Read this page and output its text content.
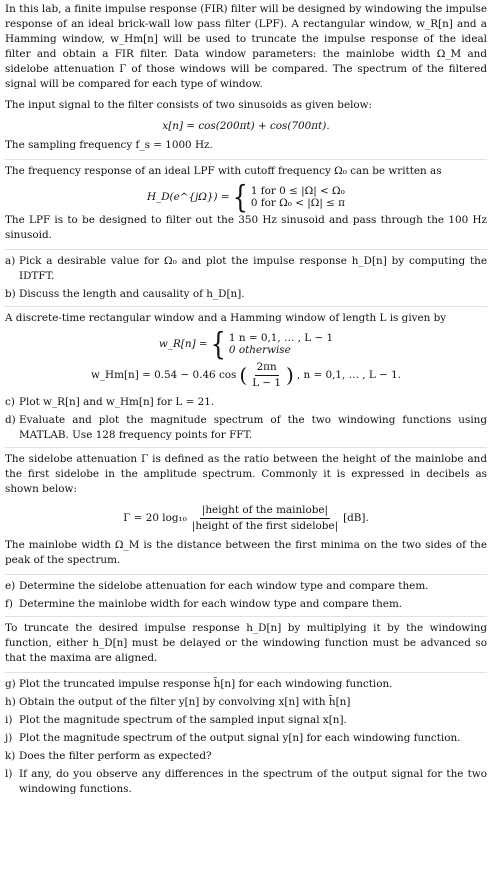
In this lab, a finite impulse response (FIR) filter will be designed by windowing the impulse response of an ideal brick-wall low pass filter (LPF). A rectangular window, w_R[n] and a Hamming window, w_Hm[n] will be used to truncate the impulse response of the ideal filter and obtain a FIR filter. Data window parameters: the mainlobe width Ω_M and sidelobe attenuation Γ of those windows will be compared. The spectrum of the filtered signal will be compared for each type of window.

The input signal to the filter consists of two sinusoids as given below:

x[n] = cos(200πt) + cos(700πt).

The sampling frequency f_s = 1000 Hz.

The frequency response of an ideal LPF with cutoff frequency Ω₀ can be written as

H_D(e^{jΩ}) = { 1 for 0 ≤ |Ω| < Ω₀
0 for Ω₀ < |Ω| ≤ π

The LPF is to be designed to filter out the 350 Hz sinusoid and pass through the 100 Hz sinusoid.

a) Pick a desirable value for Ω₀ and plot the impulse response h_D[n] by computing the IDTFT.
b) Discuss the length and causality of h_D[n].

A discrete-time rectangular window and a Hamming window of length L is given by

w_R[n] = { 1 n = 0,1, … , L − 1
0 otherwise
w_Hm[n] = 0.54 − 0.46 cos ( $\frac{2\pi n}{L - 1}$ ) , n = 0,1, … , L − 1.
c) Plot w_R[n] and w_Hm[n] for L = 21.
d) Evaluate and plot the magnitude spectrum of the two windowing functions using MATLAB. Use 128 frequency points for FFT.

The sidelobe attenuation Γ is defined as the ratio between the height of the mainlobe and the first sidelobe in the amplitude spectrum. Commonly it is expressed in decibels as shown below:

Γ = 20 $\log_{10} \frac{\text{|height of the mainlobe|}}{\text{|height of the first sidelobe|}} [dB]$.

The mainlobe width Ω_M is the distance between the first minima on the two sides of the peak of the spectrum.

e) Determine the sidelobe attenuation for each window type and compare them.
f) Determine the mainlobe width for each window type and compare them.

To truncate the desired impulse response h_D[n] by multiplying it by the windowing function, either h_D[n] must be delayed or the windowing function must be advanced so that the maxima are aligned.

g) Plot the truncated impulse response h̃[n] for each windowing function.
h) Obtain the output of the filter y[n] by convolving x[n] with h̃[n]
i) Plot the magnitude spectrum of the sampled input signal x[n].
j) Plot the magnitude spectrum of the output signal y[n] for each windowing function.
k) Does the filter perform as expected?
l) If any, do you observe any differences in the spectrum of the output signal for the two windowing functions.
